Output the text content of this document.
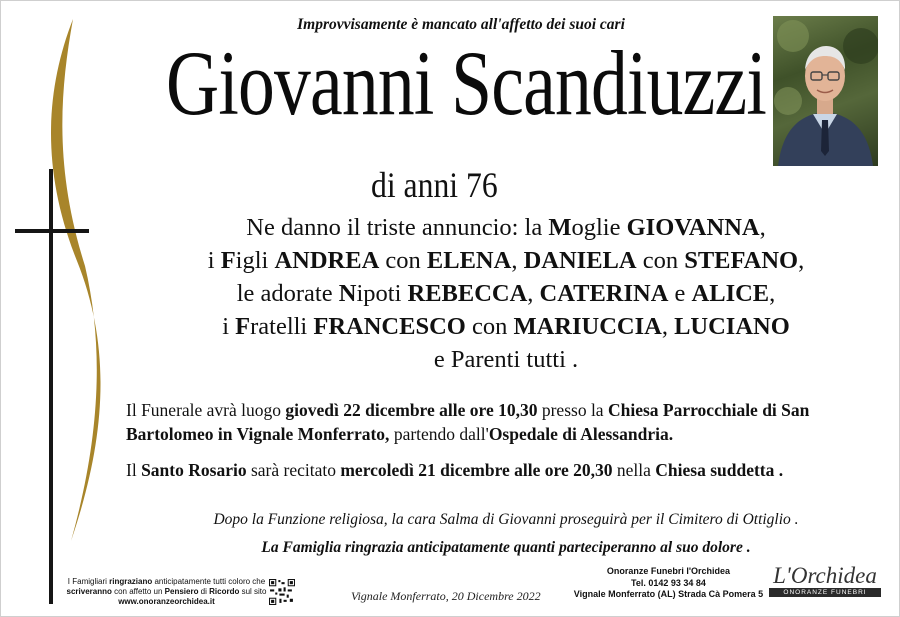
Improvvisamente è mancato all'affetto dei suoi cari
Giovanni Scandiuzzi
di anni 76
Ne danno il triste annuncio: la Moglie GIOVANNA,
i Figli ANDREA con ELENA, DANIELA con STEFANO,
le adorate Nipoti REBECCA, CATERINA e ALICE,
i Fratelli FRANCESCO con MARIUCCIA, LUCIANO
e Parenti tutti .
Il Funerale avrà luogo giovedì 22 dicembre alle ore 10,30 presso la Chiesa Parrocchiale di San Bartolomeo in Vignale Monferrato, partendo dall'Ospedale di Alessandria.
Il Santo Rosario sarà recitato mercoledì 21 dicembre alle ore 20,30 nella Chiesa suddetta .
Dopo la Funzione religiosa, la cara Salma di Giovanni proseguirà per il Cimitero di Ottiglio .
La Famiglia ringrazia anticipatamente quanti parteciperanno al suo dolore .
I Famigliari ringraziano anticipatamente tutti coloro che scriveranno con affetto un Pensiero di Ricordo sul sito www.onoranzeorchidea.it	Vignale Monferrato, 20 Dicembre 2022
Onoranze Funebri l'Orchidea
Tel. 0142 93 34 84
Vignale Monferrato (AL) Strada Cà Pomera 5
L'Orchidea
ONORANZE FUNEBRI
